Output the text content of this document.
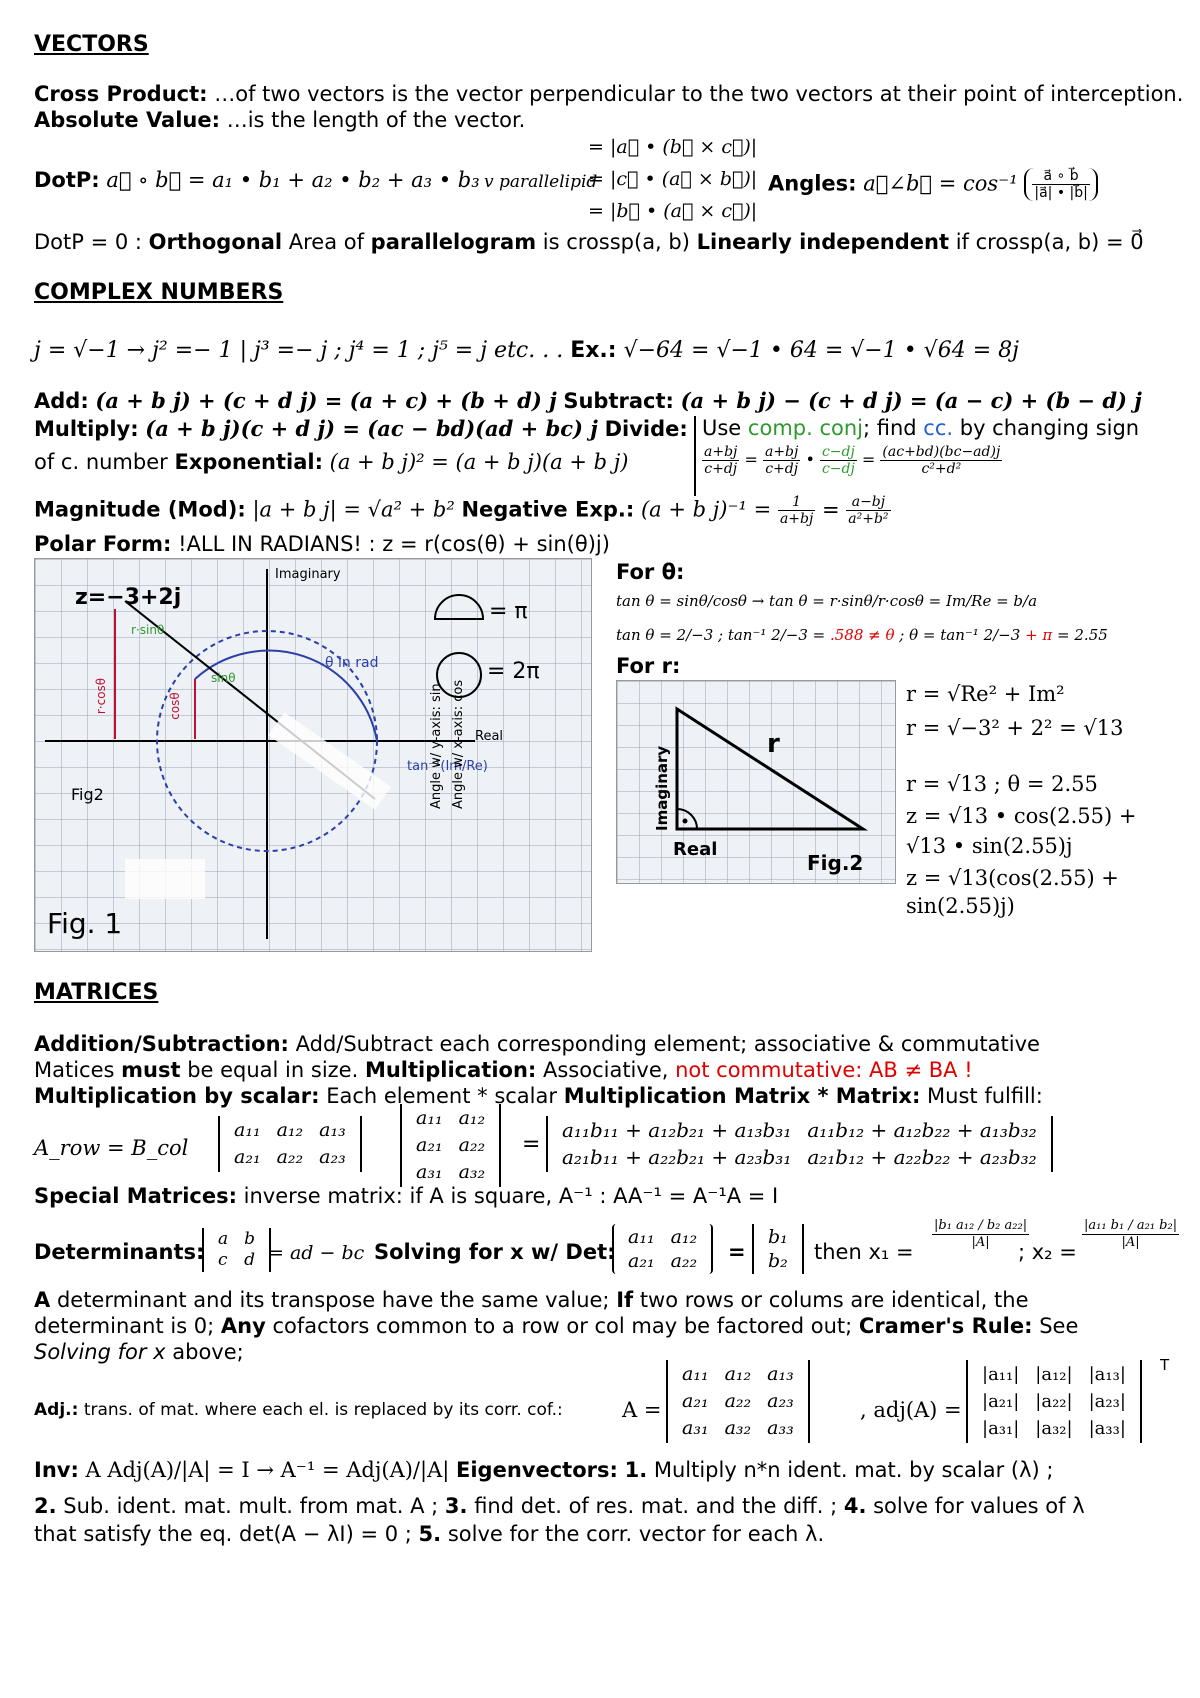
VECTORS
Cross Product: …of two vectors is the vector perpendicular to the two vectors at their point of interception.
Absolute Value: …is the length of the vector.
DotP: a⃗ ∘ b⃗ = a₁ • b₁ + a₂ • b₂ + a₃ • b₃ v parallelipid
= |a⃗ • (b⃗ × c⃗)|
= |c⃗ • (a⃗ × b⃗)|
= |b⃗ • (a⃗ × c⃗)|
Angles: a⃗∠b⃗ = $\cos^{-1} \frac{a⃗ \circ b⃗}{|a⃗| • |b⃗|}$
DotP = 0 : Orthogonal Area of parallelogram is crossp(a, b) Linearly independent if crossp(a, b) = 0⃗
COMPLEX NUMBERS
j = √−1 → j² =− 1 | j³ =− j ; j⁴ = 1 ; j⁵ = j etc. . . Ex.: √−64 = √−1 • 64 = √−1 • √64 = 8j
Add: (a + b j) + (c + d j) = (a + c) + (b + d) j Subtract: (a + b j) − (c + d j) = (a − c) + (b − d) j
Multiply: (a + b j)(c + d j) = (ac − bd)(ad + bc) j Divide: Use comp. conj; find cc. by changing sign

$\frac{a+bj}{c+dj} = \frac{a+bj}{c+dj}$ • $\frac{c-dj}{c-dj} = \frac{(ac+bd)(bc-ad)j}{\text{c²+d²}}$
of c. number Exponential: (a + b j)² = (a + b j)(a + b j)
Magnitude (Mod): |a + b j| = √a² + b² Negative Exp.: (a + b $j)^{-1} = \frac{1}{a+bj} = \frac{a-bj}{\text{a²+b²}}$
Polar Form: !ALL IN RADIANS! : z = r(cos(θ) + sin(θ)j)
z=−3+2j
Imaginary
Real
= π
= 2π
θ in rad
tan⁻¹(Im/Re)
r·sinθ
sinθ
r·cosθ	cosθ
Fig2	Angle w/ y-axis: sin Angle w/ x-axis: cos
Fig. 1
For θ:
tan θ = sinθ/cosθ → tan θ = r·sinθ/r·cosθ = Im/Re = b/a
tan θ = 2/−3 ; tan⁻¹ 2/−3 = .588 ≠ θ ; θ = tan⁻¹ 2/−3 + π = 2.55
For r:
r
Real
Imaginary
Fig.2
r = √Re² + Im²
r = √−3² + 2² = √13
r = √13 ; θ = 2.55
z = √13 • cos(2.55) +
√13 • sin(2.55)j
z = √13(cos(2.55) +
sin(2.55)j)
MATRICES
Addition/Subtraction: Add/Subtract each corresponding element; associative & commutative
Matices must be equal in size. Multiplication: Associative, not commutative: AB ≠ BA !
Multiplication by scalar: Each element * scalar Multiplication Matrix * Matrix: Must fulfill:
A_row = B_col
a₁₁	a₁₂	a₁₃
a₂₁	a₂₂	a₂₃
a₁₁	a₁₂
a₂₁	a₂₂
a₃₁	a₃₂
=
a₁₁b₁₁ + a₁₂b₂₁ + a₁₃b₃₁	a₁₁b₁₂ + a₁₂b₂₂ + a₁₃b₃₂
a₂₁b₁₁ + a₂₂b₂₁ + a₂₃b₃₁	a₂₁b₁₂ + a₂₂b₂₂ + a₂₃b₃₂
Special Matrices: inverse matrix: if A is square, A⁻¹ : AA⁻¹ = A⁻¹A = I
Determinants:
a	b
c	d = ad − bc Solving for x w/ Det:
a₁₁	a₁₂
a₂₁	a₂₂ =
b₁
b₂ then x₁ =
$\frac{\text{|b₁ a₁₂ / b₂ a₂₂|}}{|A|}$
; x₂ =
$\frac{\text{|a₁₁ b₁ / a₂₁ b₂|}}{|A|}$
A determinant and its transpose have the same value; If two rows or colums are identical, the
determinant is 0; Any cofactors common to a row or col may be factored out; Cramer's Rule: See
Solving for x above;
Adj.: trans. of mat. where each el. is replaced by its corr. cof.:	A =
a₁₁	a₁₂	a₁₃
a₂₁	a₂₂	a₂₃
a₃₁	a₃₂	a₃₃
, adj(A) =
|a₁₁|	|a₁₂|	|a₁₃|
|a₂₁|	|a₂₂|	|a₂₃|
|a₃₁|	|a₃₂|	|a₃₃|
T
Inv: A Adj(A)/|A| = I → A⁻¹ = Adj(A)/|A| Eigenvectors: 1. Multiply n*n ident. mat. by scalar (λ) ;
2. Sub. ident. mat. mult. from mat. A ; 3. find det. of res. mat. and the diff. ; 4. solve for values of λ
that satisfy the eq. det(A − λI) = 0 ; 5. solve for the corr. vector for each λ.
